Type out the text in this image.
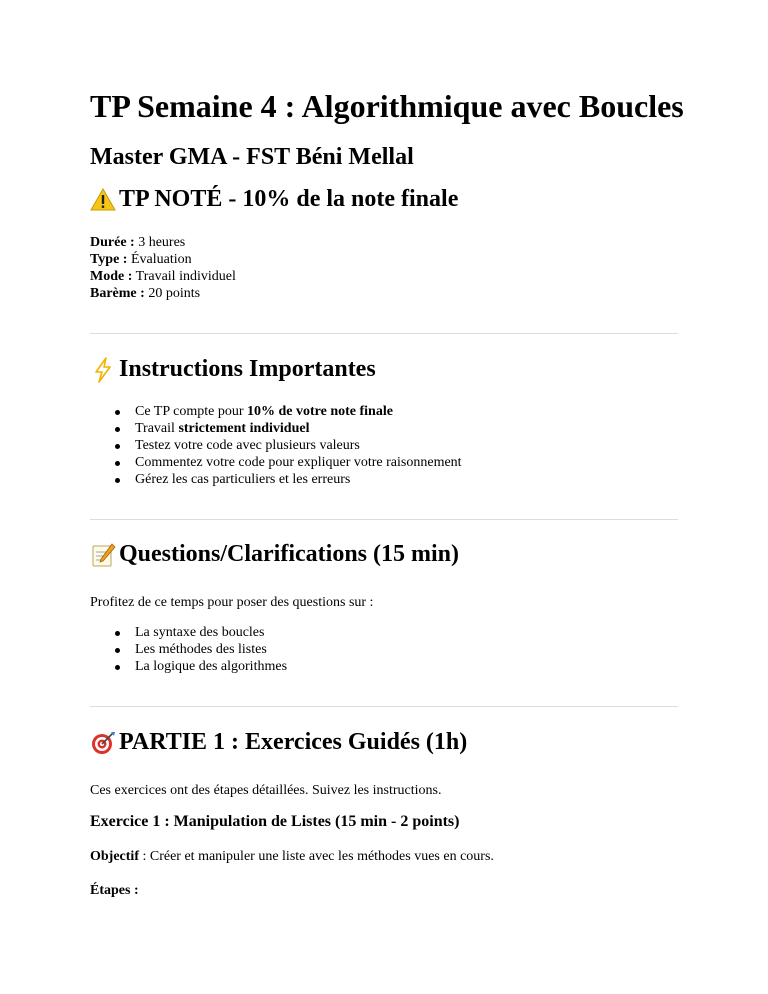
TP Semaine 4 : Algorithmique avec Boucles
Master GMA - FST Béni Mellal
TP NOTÉ - 10% de la note finale
Durée : 3 heures
Type : Évaluation
Mode : Travail individuel
Barème : 20 points
Instructions Importantes
Ce TP compte pour 10% de votre note finale
Travail strictement individuel
Testez votre code avec plusieurs valeurs
Commentez votre code pour expliquer votre raisonnement
Gérez les cas particuliers et les erreurs
Questions/Clarifications (15 min)

Profitez de ce temps pour poser des questions sur :

La syntaxe des boucles
Les méthodes des listes
La logique des algorithmes
PARTIE 1 : Exercices Guidés (1h)

Ces exercices ont des étapes détaillées. Suivez les instructions.

Exercice 1 : Manipulation de Listes (15 min - 2 points)

Objectif : Créer et manipuler une liste avec les méthodes vues en cours.

Étapes :
